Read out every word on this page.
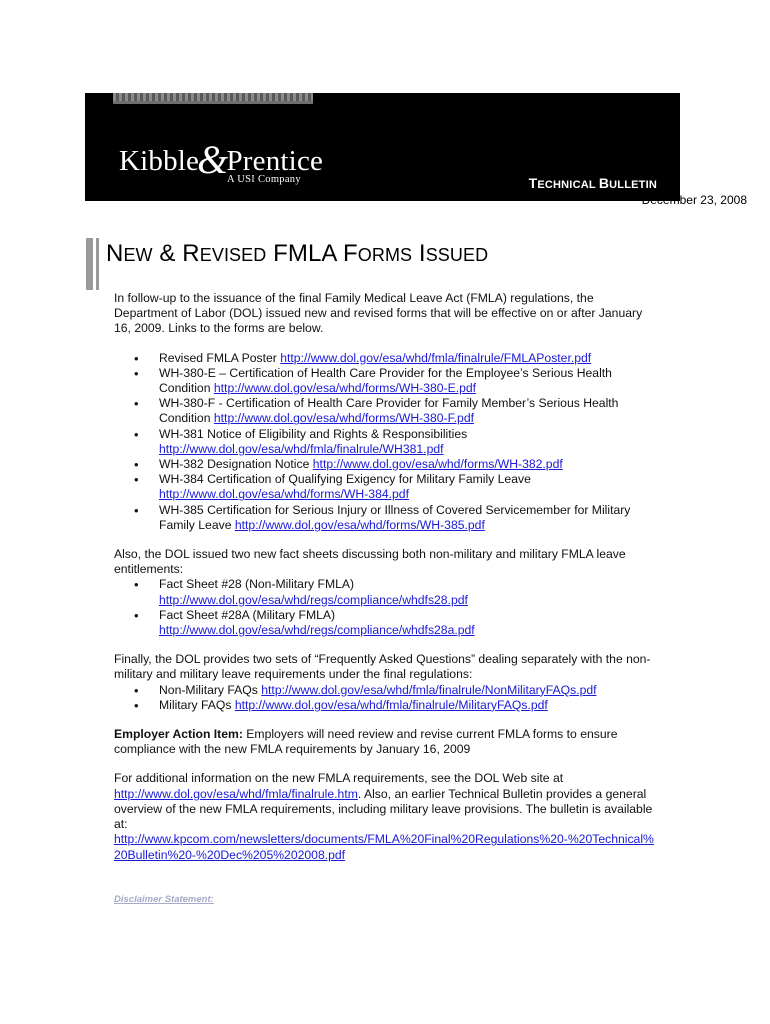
Kibble&Prentice
A USI Company	TECHNICAL BULLETIN
December 23, 2008
NEW & REVISED FMLA FORMS ISSUED

In follow-up to the issuance of the final Family Medical Leave Act (FMLA) regulations, the Department of Labor (DOL) issued new and revised forms that will be effective on or after January 16, 2009. Links to the forms are below.

• Revised FMLA Poster http://www.dol.gov/esa/whd/fmla/finalrule/FMLAPoster.pdf
• WH-380-E – Certification of Health Care Provider for the Employee’s Serious Health Condition http://www.dol.gov/esa/whd/forms/WH-380-E.pdf
• WH-380-F - Certification of Health Care Provider for Family Member’s Serious Health Condition http://www.dol.gov/esa/whd/forms/WH-380-F.pdf
• WH-381 Notice of Eligibility and Rights & Responsibilities http://www.dol.gov/esa/whd/fmla/finalrule/WH381.pdf
• WH-382 Designation Notice http://www.dol.gov/esa/whd/forms/WH-382.pdf
• WH-384 Certification of Qualifying Exigency for Military Family Leave http://www.dol.gov/esa/whd/forms/WH-384.pdf
• WH-385 Certification for Serious Injury or Illness of Covered Servicemember for Military Family Leave http://www.dol.gov/esa/whd/forms/WH-385.pdf

Also, the DOL issued two new fact sheets discussing both non-military and military FMLA leave entitlements:

• Fact Sheet #28 (Non-Military FMLA)
http://www.dol.gov/esa/whd/regs/compliance/whdfs28.pdf
• Fact Sheet #28A (Military FMLA)
http://www.dol.gov/esa/whd/regs/compliance/whdfs28a.pdf

Finally, the DOL provides two sets of “Frequently Asked Questions” dealing separately with the non-military and military leave requirements under the final regulations:

• Non-Military FAQs http://www.dol.gov/esa/whd/fmla/finalrule/NonMilitaryFAQs.pdf
• Military FAQs http://www.dol.gov/esa/whd/fmla/finalrule/MilitaryFAQs.pdf

Employer Action Item: Employers will need review and revise current FMLA forms to ensure compliance with the new FMLA requirements by January 16, 2009

For additional information on the new FMLA requirements, see the DOL Web site at http://www.dol.gov/esa/whd/fmla/finalrule.htm. Also, an earlier Technical Bulletin provides a general overview of the new FMLA requirements, including military leave provisions. The bulletin is available at:
http://www.kpcom.com/newsletters/documents/FMLA%20Final%20Regulations%20-%20Technical%20Bulletin%20-%20Dec%205%202008.pdf

Disclaimer Statement:
